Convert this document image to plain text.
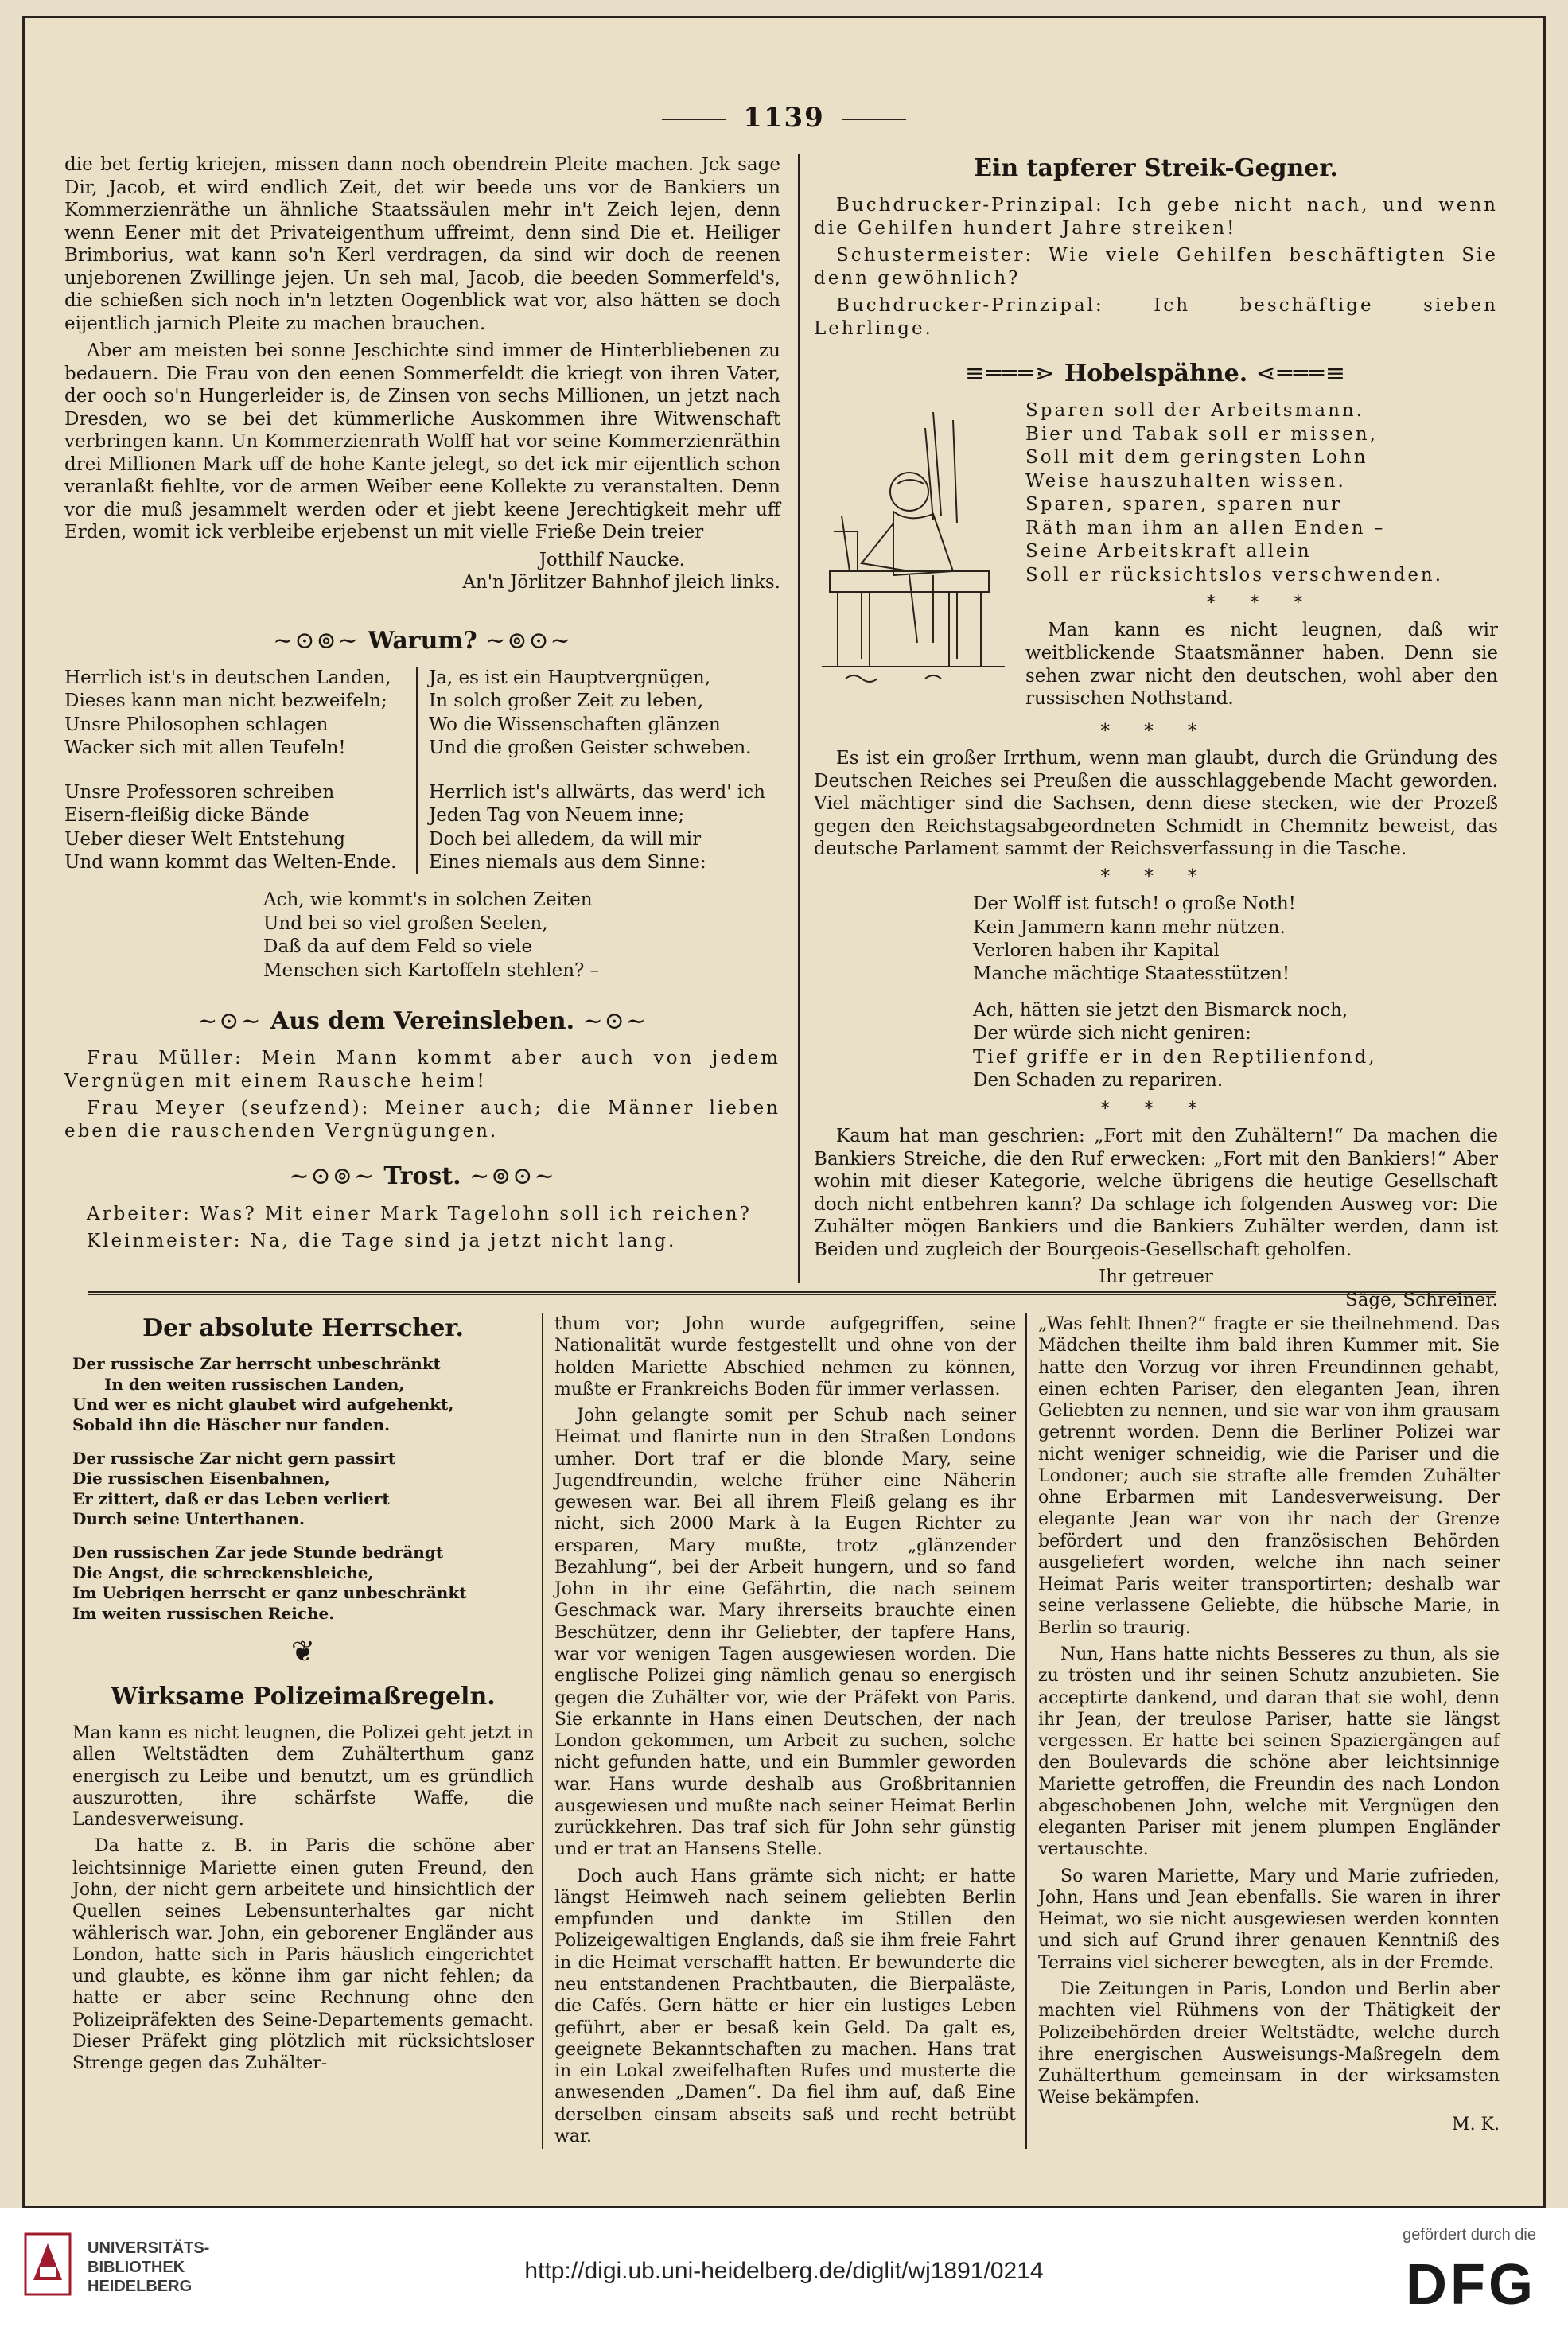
1139

die bet fertig kriejen, missen dann noch obendrein Pleite machen. Jck sage Dir, Jacob, et wird endlich Zeit, det wir beede uns vor de Bankiers un Kommerzienräthe un ähnliche Staatssäulen mehr in't Zeich lejen, denn wenn Eener mit det Privateigenthum uffreimt, denn sind Die et. Heiliger Brimborius, wat kann so'n Kerl verdragen, da sind wir doch de reenen unjeborenen Zwillinge jejen. Un seh mal, Jacob, die beeden Sommerfeld's, die schießen sich noch in'n letzten Oogenblick wat vor, also hätten se doch eijentlich jarnich Pleite zu machen brauchen.

Aber am meisten bei sonne Jeschichte sind immer de Hinterbliebenen zu bedauern. Die Frau von den eenen Sommerfeldt die kriegt von ihren Vater, der ooch so'n Hungerleider is, de Zinsen von sechs Millionen, un jetzt nach Dresden, wo se bei det kümmerliche Auskommen ihre Witwenschaft verbringen kann. Un Kommerzienrath Wolff hat vor seine Kommerzienräthin drei Millionen Mark uff de hohe Kante jelegt, so det ick mir eijentlich schon veranlaßt fiehlte, vor de armen Weiber eene Kollekte zu veranstalten. Denn vor die muß jesammelt werden oder et jiebt keene Jerechtigkeit mehr uff Erden, womit ick verbleibe erjebenst un mit vielle Frieße Dein treier

Jotthilf Naucke.
An'n Jörlitzer Bahnhof jleich links.
~⊙⊚~ Warum? ~⊚⊙~
Herrlich ist's in deutschen Landen,
Dieses kann man nicht bezweifeln;
Unsre Philosophen schlagen
Wacker sich mit allen Teufeln!
Unsre Professoren schreiben
Eisern-fleißig dicke Bände
Ueber dieser Welt Entstehung
Und wann kommt das Welten-Ende.
Ja, es ist ein Hauptvergnügen,
In solch großer Zeit zu leben,
Wo die Wissenschaften glänzen
Und die großen Geister schweben.
Herrlich ist's allwärts, das werd' ich
Jeden Tag von Neuem inne;
Doch bei alledem, da will mir
Eines niemals aus dem Sinne:
Ach, wie kommt's in solchen Zeiten
Und bei so viel großen Seelen,
Daß da auf dem Feld so viele
Menschen sich Kartoffeln stehlen? –
~⊙~ Aus dem Vereinsleben. ~⊙~

Frau Müller: Mein Mann kommt aber auch von jedem Vergnügen mit einem Rausche heim!

Frau Meyer (seufzend): Meiner auch; die Männer lieben eben die rauschenden Vergnügungen.

~⊙⊚~ Trost. ~⊚⊙~

Arbeiter: Was? Mit einer Mark Tagelohn soll ich reichen?

Kleinmeister: Na, die Tage sind ja jetzt nicht lang.

Ein tapferer Streik-Gegner.

Buchdrucker-Prinzipal: Ich gebe nicht nach, und wenn die Gehilfen hundert Jahre streiken!

Schustermeister: Wie viele Gehilfen beschäftigten Sie denn gewöhnlich?

Buchdrucker-Prinzipal: Ich beschäftige sieben Lehrlinge.

≡═══⋗ Hobelspähne. ⋖═══≡
Sparen soll der Arbeitsmann.
Bier und Tabak soll er missen,
Soll mit dem geringsten Lohn
Weise hauszuhalten wissen.
Sparen, sparen, sparen nur
Räth man ihm an allen Enden –
Seine Arbeitskraft allein
Soll er rücksichtslos verschwenden.
* * *

Man kann es nicht leugnen, daß wir weitblickende Staatsmänner haben. Denn sie sehen zwar nicht den deutschen, wohl aber den russischen Nothstand.

* * *

Es ist ein großer Irrthum, wenn man glaubt, durch die Gründung des Deutschen Reiches sei Preußen die ausschlaggebende Macht geworden. Viel mächtiger sind die Sachsen, denn diese stecken, wie der Prozeß gegen den Reichstagsabgeordneten Schmidt in Chemnitz beweist, das deutsche Parlament sammt der Reichsverfassung in die Tasche.

* * *
Der Wolff ist futsch! o große Noth!
Kein Jammern kann mehr nützen.
Verloren haben ihr Kapital
Manche mächtige Staatesstützen!
Ach, hätten sie jetzt den Bismarck noch,
Der würde sich nicht geniren:
Tief griffe er in den Reptilienfond,
Den Schaden zu repariren.
* * *

Kaum hat man geschrien: „Fort mit den Zuhältern!“ Da machen die Bankiers Streiche, die den Ruf erwecken: „Fort mit den Bankiers!“ Aber wohin mit dieser Kategorie, welche übrigens die heutige Gesellschaft doch nicht entbehren kann? Da schlage ich folgenden Ausweg vor: Die Zuhälter mögen Bankiers und die Bankiers Zuhälter werden, dann ist Beiden und zugleich der Bourgeois-Gesellschaft geholfen.

Ihr getreuer
Säge, Schreiner.
Der absolute Herrscher.
Der russische Zar herrscht unbeschränkt
In den weiten russischen Landen,
Und wer es nicht glaubet wird aufgehenkt,
Sobald ihn die Häscher nur fanden.
Der russische Zar nicht gern passirt
Die russischen Eisenbahnen,
Er zittert, daß er das Leben verliert
Durch seine Unterthanen.
Den russischen Zar jede Stunde bedrängt
Die Angst, die schreckensbleiche,
Im Uebrigen herrscht er ganz unbeschränkt
Im weiten russischen Reiche.
❦
Wirksame Polizeimaßregeln.

Man kann es nicht leugnen, die Polizei geht jetzt in allen Weltstädten dem Zuhälterthum ganz energisch zu Leibe und benutzt, um es gründlich auszurotten, ihre schärfste Waffe, die Landesverweisung.

Da hatte z. B. in Paris die schöne aber leichtsinnige Mariette einen guten Freund, den John, der nicht gern arbeitete und hinsichtlich der Quellen seines Lebensunterhaltes gar nicht wählerisch war. John, ein geborener Engländer aus London, hatte sich in Paris häuslich eingerichtet und glaubte, es könne ihm gar nicht fehlen; da hatte er aber seine Rechnung ohne den Polizeipräfekten des Seine-Departements gemacht. Dieser Präfekt ging plötzlich mit rücksichtsloser Strenge gegen das Zuhälter-

thum vor; John wurde aufgegriffen, seine Nationalität wurde festgestellt und ohne von der holden Mariette Abschied nehmen zu können, mußte er Frankreichs Boden für immer verlassen.

John gelangte somit per Schub nach seiner Heimat und flanirte nun in den Straßen Londons umher. Dort traf er die blonde Mary, seine Jugendfreundin, welche früher eine Näherin gewesen war. Bei all ihrem Fleiß gelang es ihr nicht, sich 2000 Mark à la Eugen Richter zu ersparen, Mary mußte, trotz „glänzender Bezahlung“, bei der Arbeit hungern, und so fand John in ihr eine Gefährtin, die nach seinem Geschmack war. Mary ihrerseits brauchte einen Beschützer, denn ihr Geliebter, der tapfere Hans, war vor wenigen Tagen ausgewiesen worden. Die englische Polizei ging nämlich genau so energisch gegen die Zuhälter vor, wie der Präfekt von Paris. Sie erkannte in Hans einen Deutschen, der nach London gekommen, um Arbeit zu suchen, solche nicht gefunden hatte, und ein Bummler geworden war. Hans wurde deshalb aus Großbritannien ausgewiesen und mußte nach seiner Heimat Berlin zurückkehren. Das traf sich für John sehr günstig und er trat an Hansens Stelle.

Doch auch Hans grämte sich nicht; er hatte längst Heimweh nach seinem geliebten Berlin empfunden und dankte im Stillen den Polizeigewaltigen Englands, daß sie ihm freie Fahrt in die Heimat verschafft hatten. Er bewunderte die neu entstandenen Prachtbauten, die Bierpaläste, die Cafés. Gern hätte er hier ein lustiges Leben geführt, aber er besaß kein Geld. Da galt es, geeignete Bekanntschaften zu machen. Hans trat in ein Lokal zweifelhaften Rufes und musterte die anwesenden „Damen“. Da fiel ihm auf, daß Eine derselben einsam abseits saß und recht betrübt war.

„Was fehlt Ihnen?“ fragte er sie theilnehmend. Das Mädchen theilte ihm bald ihren Kummer mit. Sie hatte den Vorzug vor ihren Freundinnen gehabt, einen echten Pariser, den eleganten Jean, ihren Geliebten zu nennen, und sie war von ihm grausam getrennt worden. Denn die Berliner Polizei war nicht weniger schneidig, wie die Pariser und die Londoner; auch sie strafte alle fremden Zuhälter ohne Erbarmen mit Landesverweisung. Der elegante Jean war von ihr nach der Grenze befördert und den französischen Behörden ausgeliefert worden, welche ihn nach seiner Heimat Paris weiter transportirten; deshalb war seine verlassene Geliebte, die hübsche Marie, in Berlin so traurig.

Nun, Hans hatte nichts Besseres zu thun, als sie zu trösten und ihr seinen Schutz anzubieten. Sie acceptirte dankend, und daran that sie wohl, denn ihr Jean, der treulose Pariser, hatte sie längst vergessen. Er hatte bei seinen Spaziergängen auf den Boulevards die schöne aber leichtsinnige Mariette getroffen, die Freundin des nach London abgeschobenen John, welche mit Vergnügen den eleganten Pariser mit jenem plumpen Engländer vertauschte.

So waren Mariette, Mary und Marie zufrieden, John, Hans und Jean ebenfalls. Sie waren in ihrer Heimat, wo sie nicht ausgewiesen werden konnten und sich auf Grund ihrer genauen Kenntniß des Terrains viel sicherer bewegten, als in der Fremde.

Die Zeitungen in Paris, London und Berlin aber machten viel Rühmens von der Thätigkeit der Polizeibehörden dreier Weltstädte, welche durch ihre energischen Ausweisungs-Maßregeln dem Zuhälterthum gemeinsam in der wirksamsten Weise bekämpfen.

M. K.
UNIVERSITÄTS-
BIBLIOTHEK
HEIDELBERG
http://digi.ub.uni-heidelberg.de/diglit/wj1891/0214
gefördert durch die
DFG
